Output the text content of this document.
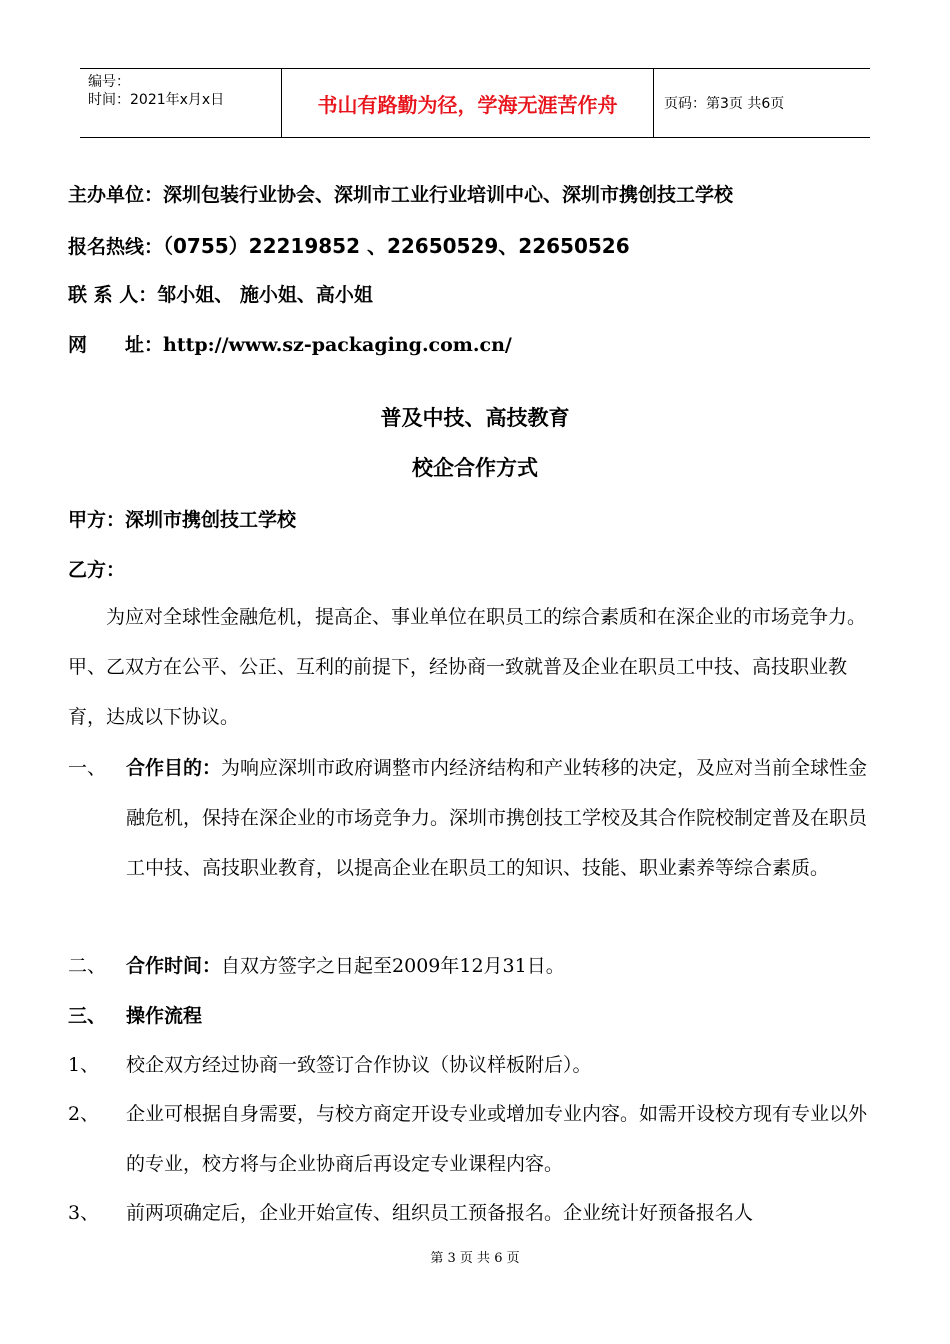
编号：
时间：2021年x月x日	书山有路勤为径，学海无涯苦作舟	页码：第3页 共6页
主办单位：深圳包装行业协会、深圳市工业行业培训中心、深圳市携创技工学校
报名热线：（0755）22219852 、22650529、22650526
联 系 人：邹小姐、 施小姐、高小姐
网　　址：http://www.sz-packaging.com.cn/
普及中技、高技教育
校企合作方式
甲方：深圳市携创技工学校
乙方：
为应对全球性金融危机，提高企、事业单位在职员工的综合素质和在深企业的市场竞争力。甲、乙双方在公平、公正、互利的前提下，经协商一致就普及企业在职员工中技、高技职业教育，达成以下协议。
一、 合作目的：为响应深圳市政府调整市内经济结构和产业转移的决定，及应对当前全球性金融危机，保持在深企业的市场竞争力。深圳市携创技工学校及其合作院校制定普及在职员工中技、高技职业教育，以提高企业在职员工的知识、技能、职业素养等综合素质。
二、 合作时间：自双方签字之日起至2009年12月31日。
三、 操作流程
1、 校企双方经过协商一致签订合作协议（协议样板附后）。
2、 企业可根据自身需要，与校方商定开设专业或增加专业内容。如需开设校方现有专业以外的专业，校方将与企业协商后再设定专业课程内容。
3、 前两项确定后，企业开始宣传、组织员工预备报名。企业统计好预备报名人
第 3 页 共 6 页
